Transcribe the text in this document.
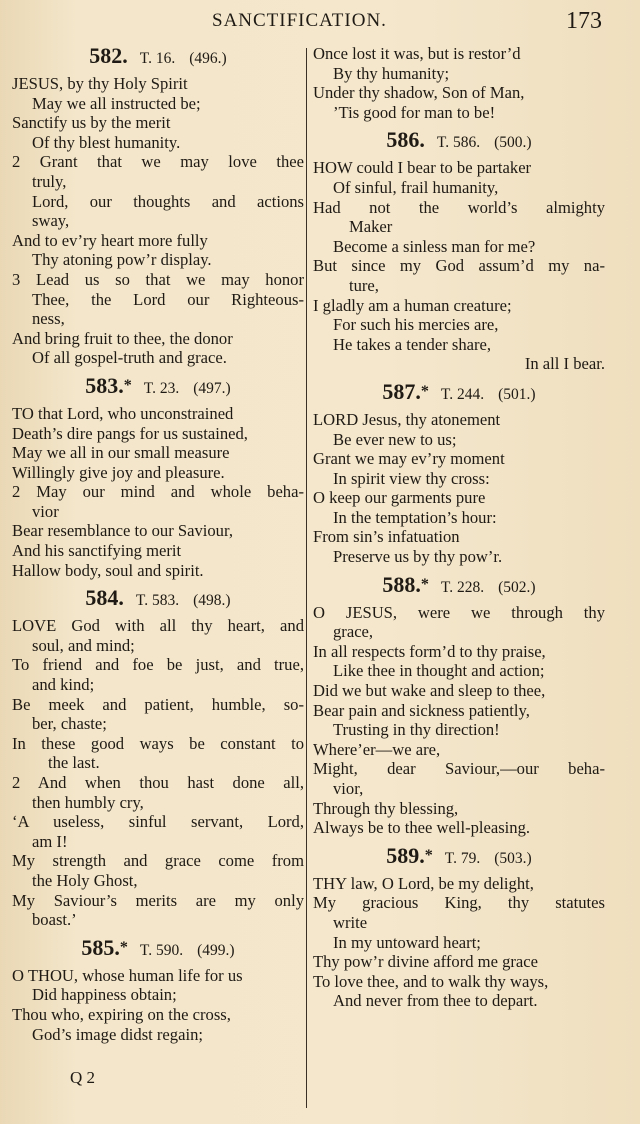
SANCTIFICATION.	173
582. T. 16. (496.)
JESUS, by thy Holy Spirit
May we all instructed be;
Sanctify us by the merit
Of thy blest humanity.
2 Grant that we may love thee
truly,
Lord, our thoughts and actions
sway,
And to ev’ry heart more fully
Thy atoning pow’r display.
3 Lead us so that we may honor
Thee, the Lord our Righteous-
ness,
And bring fruit to thee, the donor
Of all gospel-truth and grace.
583.* T. 23. (497.)
TO that Lord, who unconstrained
Death’s dire pangs for us sustained,
May we all in our small measure
Willingly give joy and pleasure.
2 May our mind and whole beha-
vior
Bear resemblance to our Saviour,
And his sanctifying merit
Hallow body, soul and spirit.
584. T. 583. (498.)
LOVE God with all thy heart, and
soul, and mind;
To friend and foe be just, and true,
and kind;
Be meek and patient, humble, so-
ber, chaste;
In these good ways be constant to
the last.
2 And when thou hast done all,
then humbly cry,
‘A useless, sinful servant, Lord,
am I!
My strength and grace come from
the Holy Ghost,
My Saviour’s merits are my only
boast.’
585.* T. 590. (499.)
O THOU, whose human life for us
Did happiness obtain;
Thou who, expiring on the cross,
God’s image didst regain;
Once lost it was, but is restor’d
By thy humanity;
Under thy shadow, Son of Man,
’Tis good for man to be!
586. T. 586. (500.)
HOW could I bear to be partaker
Of sinful, frail humanity,
Had not the world’s almighty
Maker
Become a sinless man for me?
But since my God assum’d my na-
ture,
I gladly am a human creature;
For such his mercies are,
He takes a tender share,
In all I bear.
587.* T. 244. (501.)
LORD Jesus, thy atonement
Be ever new to us;
Grant we may ev’ry moment
In spirit view thy cross:
O keep our garments pure
In the temptation’s hour:
From sin’s infatuation
Preserve us by thy pow’r.
588.* T. 228. (502.)
O JESUS, were we through thy
grace,
In all respects form’d to thy praise,
Like thee in thought and action;
Did we but wake and sleep to thee,
Bear pain and sickness patiently,
Trusting in thy direction!
Where’er—we are,
Might, dear Saviour,—our beha-
vior,
Through thy blessing,
Always be to thee well-pleasing.
589.* T. 79. (503.)
THY law, O Lord, be my delight,
My gracious King, thy statutes
write
In my untoward heart;
Thy pow’r divine afford me grace
To love thee, and to walk thy ways,
And never from thee to depart.
Q 2
